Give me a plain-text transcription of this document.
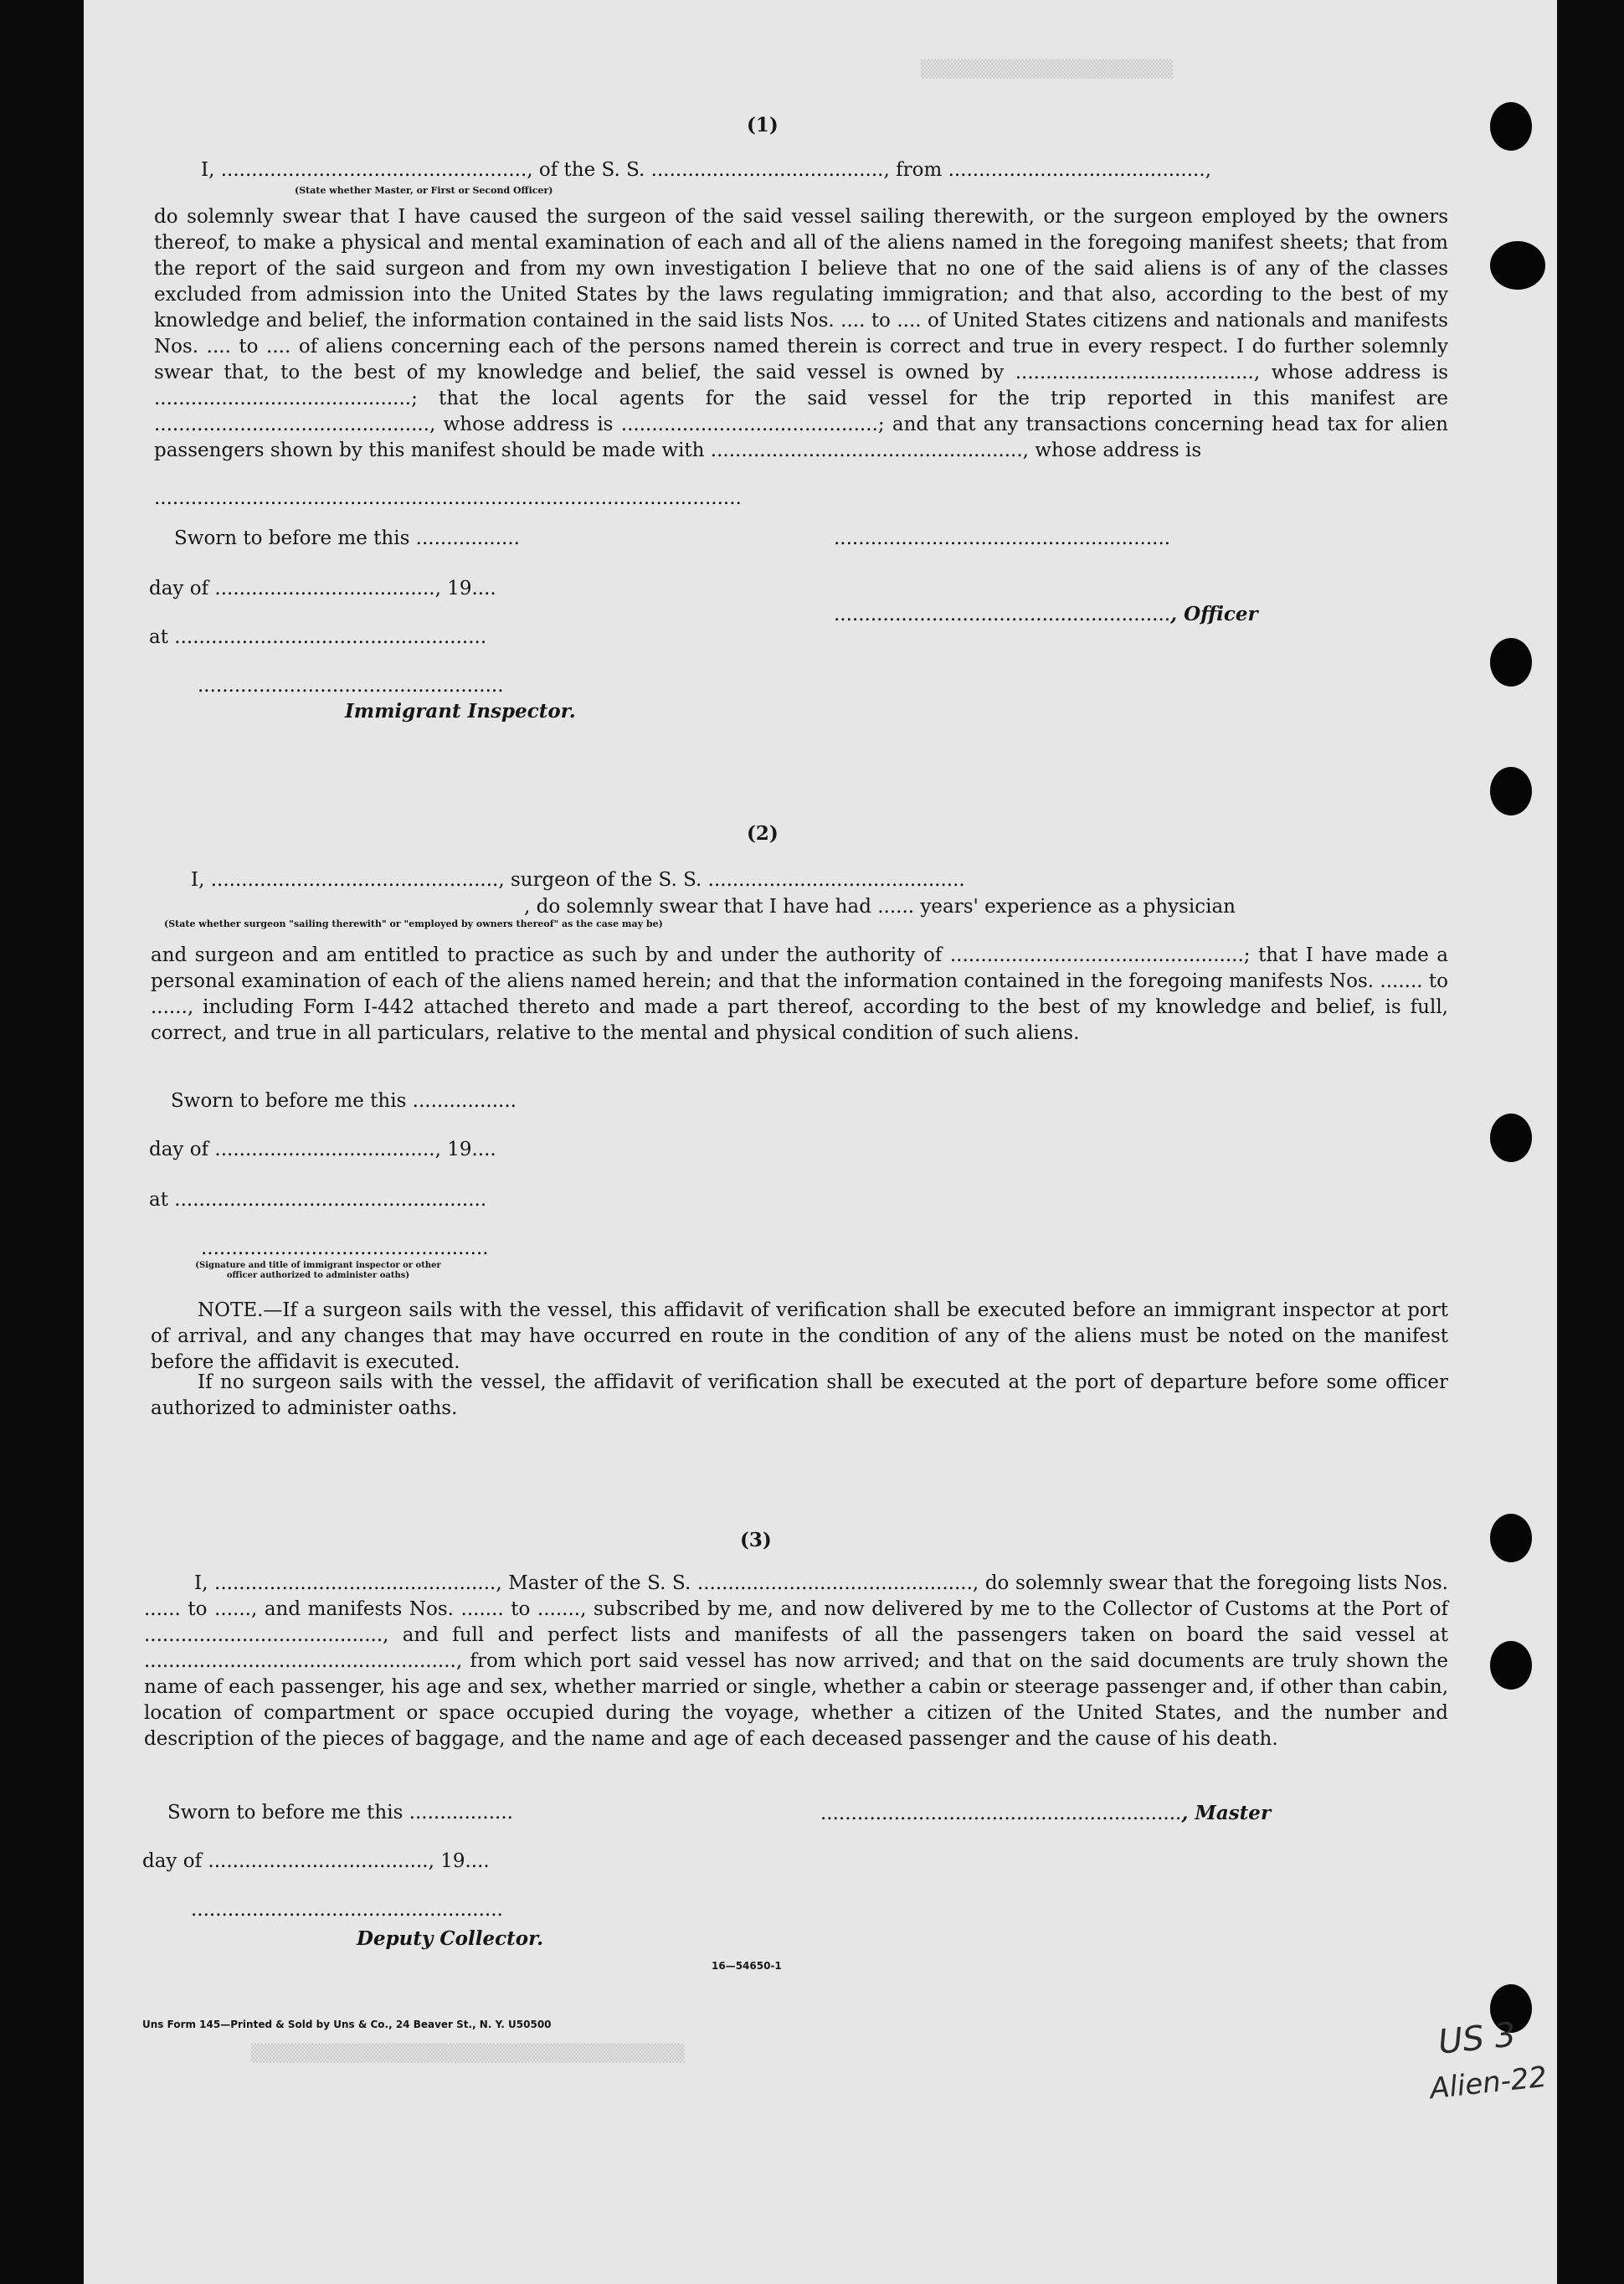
▒▒▒▒▒▒▒▒▒▒▒▒▒▒▒▒▒▒▒▒▒▒▒▒▒
▒▒▒▒▒▒▒▒▒▒▒▒▒▒▒▒▒▒▒▒▒▒▒▒▒▒▒▒▒▒▒▒▒▒▒▒▒▒▒▒▒▒▒
(1)
I, .................................................., of the S. S. ......................................, from ..........................................,
(State whether Master, or First or Second Officer)

do solemnly swear that I have caused the surgeon of the said vessel sailing therewith, or the surgeon employed by the owners thereof, to make a physical and mental examination of each and all of the aliens named in the foregoing manifest sheets; that from the report of the said surgeon and from my own investigation I believe that no one of the said aliens is of any of the classes excluded from admission into the United States by the laws regulating immigration; and that also, according to the best of my knowledge and belief, the information contained in the said lists Nos. .... to .... of United States citizens and nationals and manifests Nos. .... to .... of aliens concerning each of the persons named therein is correct and true in every respect. I do further solemnly swear that, to the best of my knowledge and belief, the said vessel is owned by ......................................., whose address is ..........................................; that the local agents for the said vessel for the trip reported in this manifest are ............................................., whose address is ..........................................; and that any transactions concerning head tax for alien passengers shown by this manifest should be made with ..................................................., whose address is

................................................................................................
Sworn to before me this .................
day of ...................................., 19....
at ...................................................
..................................................
Immigrant Inspector.
.......................................................
......................................................., Officer
(2)
I, ..............................................., surgeon of the S. S. ..........................................
, do solemnly swear that I have had ...... years' experience as a physician
(State whether surgeon "sailing therewith" or "employed by owners thereof" as the case may be)

and surgeon and am entitled to practice as such by and under the authority of ................................................; that I have made a personal examination of each of the aliens named herein; and that the information contained in the foregoing manifests Nos. ....... to ......, including Form I-442 attached thereto and made a part thereof, according to the best of my knowledge and belief, is full, correct, and true in all particulars, relative to the mental and physical condition of such aliens.

Sworn to before me this .................
day of ...................................., 19....
at ...................................................
...............................................
(Signature and title of immigrant inspector or other officer authorized to administer oaths)

NOTE.—If a surgeon sails with the vessel, this affidavit of verification shall be executed before an immigrant inspector at port of arrival, and any changes that may have occurred en route in the condition of any of the aliens must be noted on the manifest before the affidavit is executed.

If no surgeon sails with the vessel, the affidavit of verification shall be executed at the port of departure before some officer authorized to administer oaths.

(3)

I, .............................................., Master of the S. S. ............................................., do solemnly swear that the foregoing lists Nos. ...... to ......, and manifests Nos. ....... to ......., subscribed by me, and now delivered by me to the Collector of Customs at the Port of ......................................., and full and perfect lists and manifests of all the passengers taken on board the said vessel at ..................................................., from which port said vessel has now arrived; and that on the said documents are truly shown the name of each passenger, his age and sex, whether married or single, whether a cabin or steerage passenger and, if other than cabin, location of compartment or space occupied during the voyage, whether a citizen of the United States, and the number and description of the pieces of baggage, and the name and age of each deceased passenger and the cause of his death.

Sworn to before me this .................
day of ...................................., 19....
...................................................
Deputy Collector.
..........................................................., Master
16—54650-1
Uns Form 145—Printed & Sold by Uns & Co., 24 Beaver St., N. Y. U50500	US 3
Alien-22
